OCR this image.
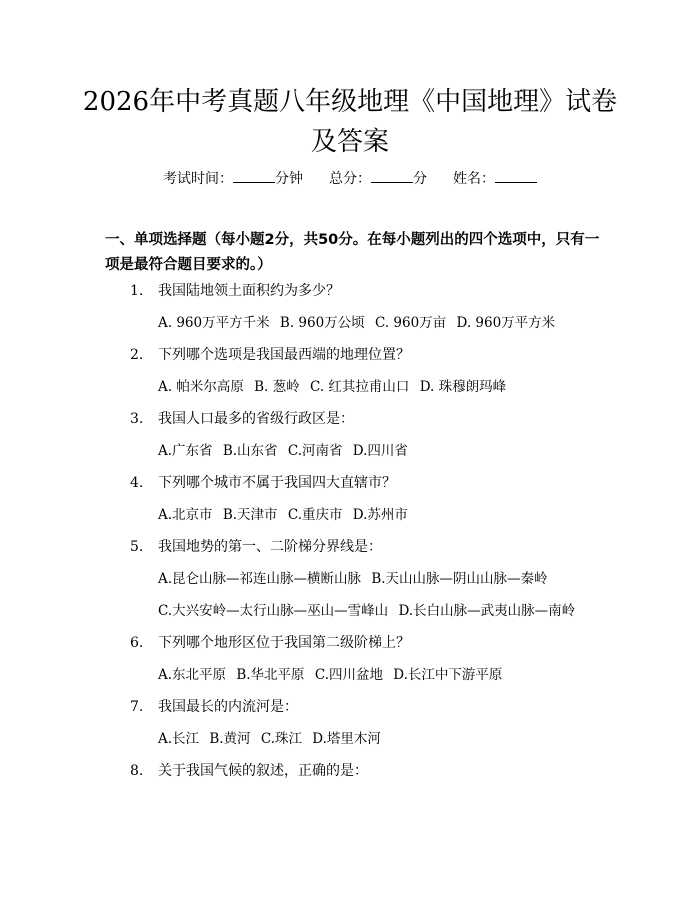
2026年中考真题八年级地理《中国地理》试卷及答案
考试时间：	分钟 总分：	分 姓名：
一、单项选择题（每小题2分，共50分。在每小题列出的四个选项中，只有一项是最符合题目要求的。）
1. 我国陆地领土面积约为多少？
A. 960万平方千米 B. 960万公顷 C. 960万亩 D. 960万平方米
2. 下列哪个选项是我国最西端的地理位置？
A. 帕米尔高原 B. 葱岭 C. 红其拉甫山口 D. 珠穆朗玛峰
3. 我国人口最多的省级行政区是：
A.广东省 B.山东省 C.河南省 D.四川省
4. 下列哪个城市不属于我国四大直辖市？
A.北京市 B.天津市 C.重庆市 D.苏州市
5. 我国地势的第一、二阶梯分界线是：
A.昆仑山脉—祁连山脉—横断山脉 B.天山山脉—阴山山脉—秦岭
C.大兴安岭—太行山脉—巫山—雪峰山 D.长白山脉—武夷山脉—南岭
6. 下列哪个地形区位于我国第二级阶梯上？
A.东北平原 B.华北平原 C.四川盆地 D.长江中下游平原
7. 我国最长的内流河是：
A.长江 B.黄河 C.珠江 D.塔里木河
8. 关于我国气候的叙述，正确的是：
